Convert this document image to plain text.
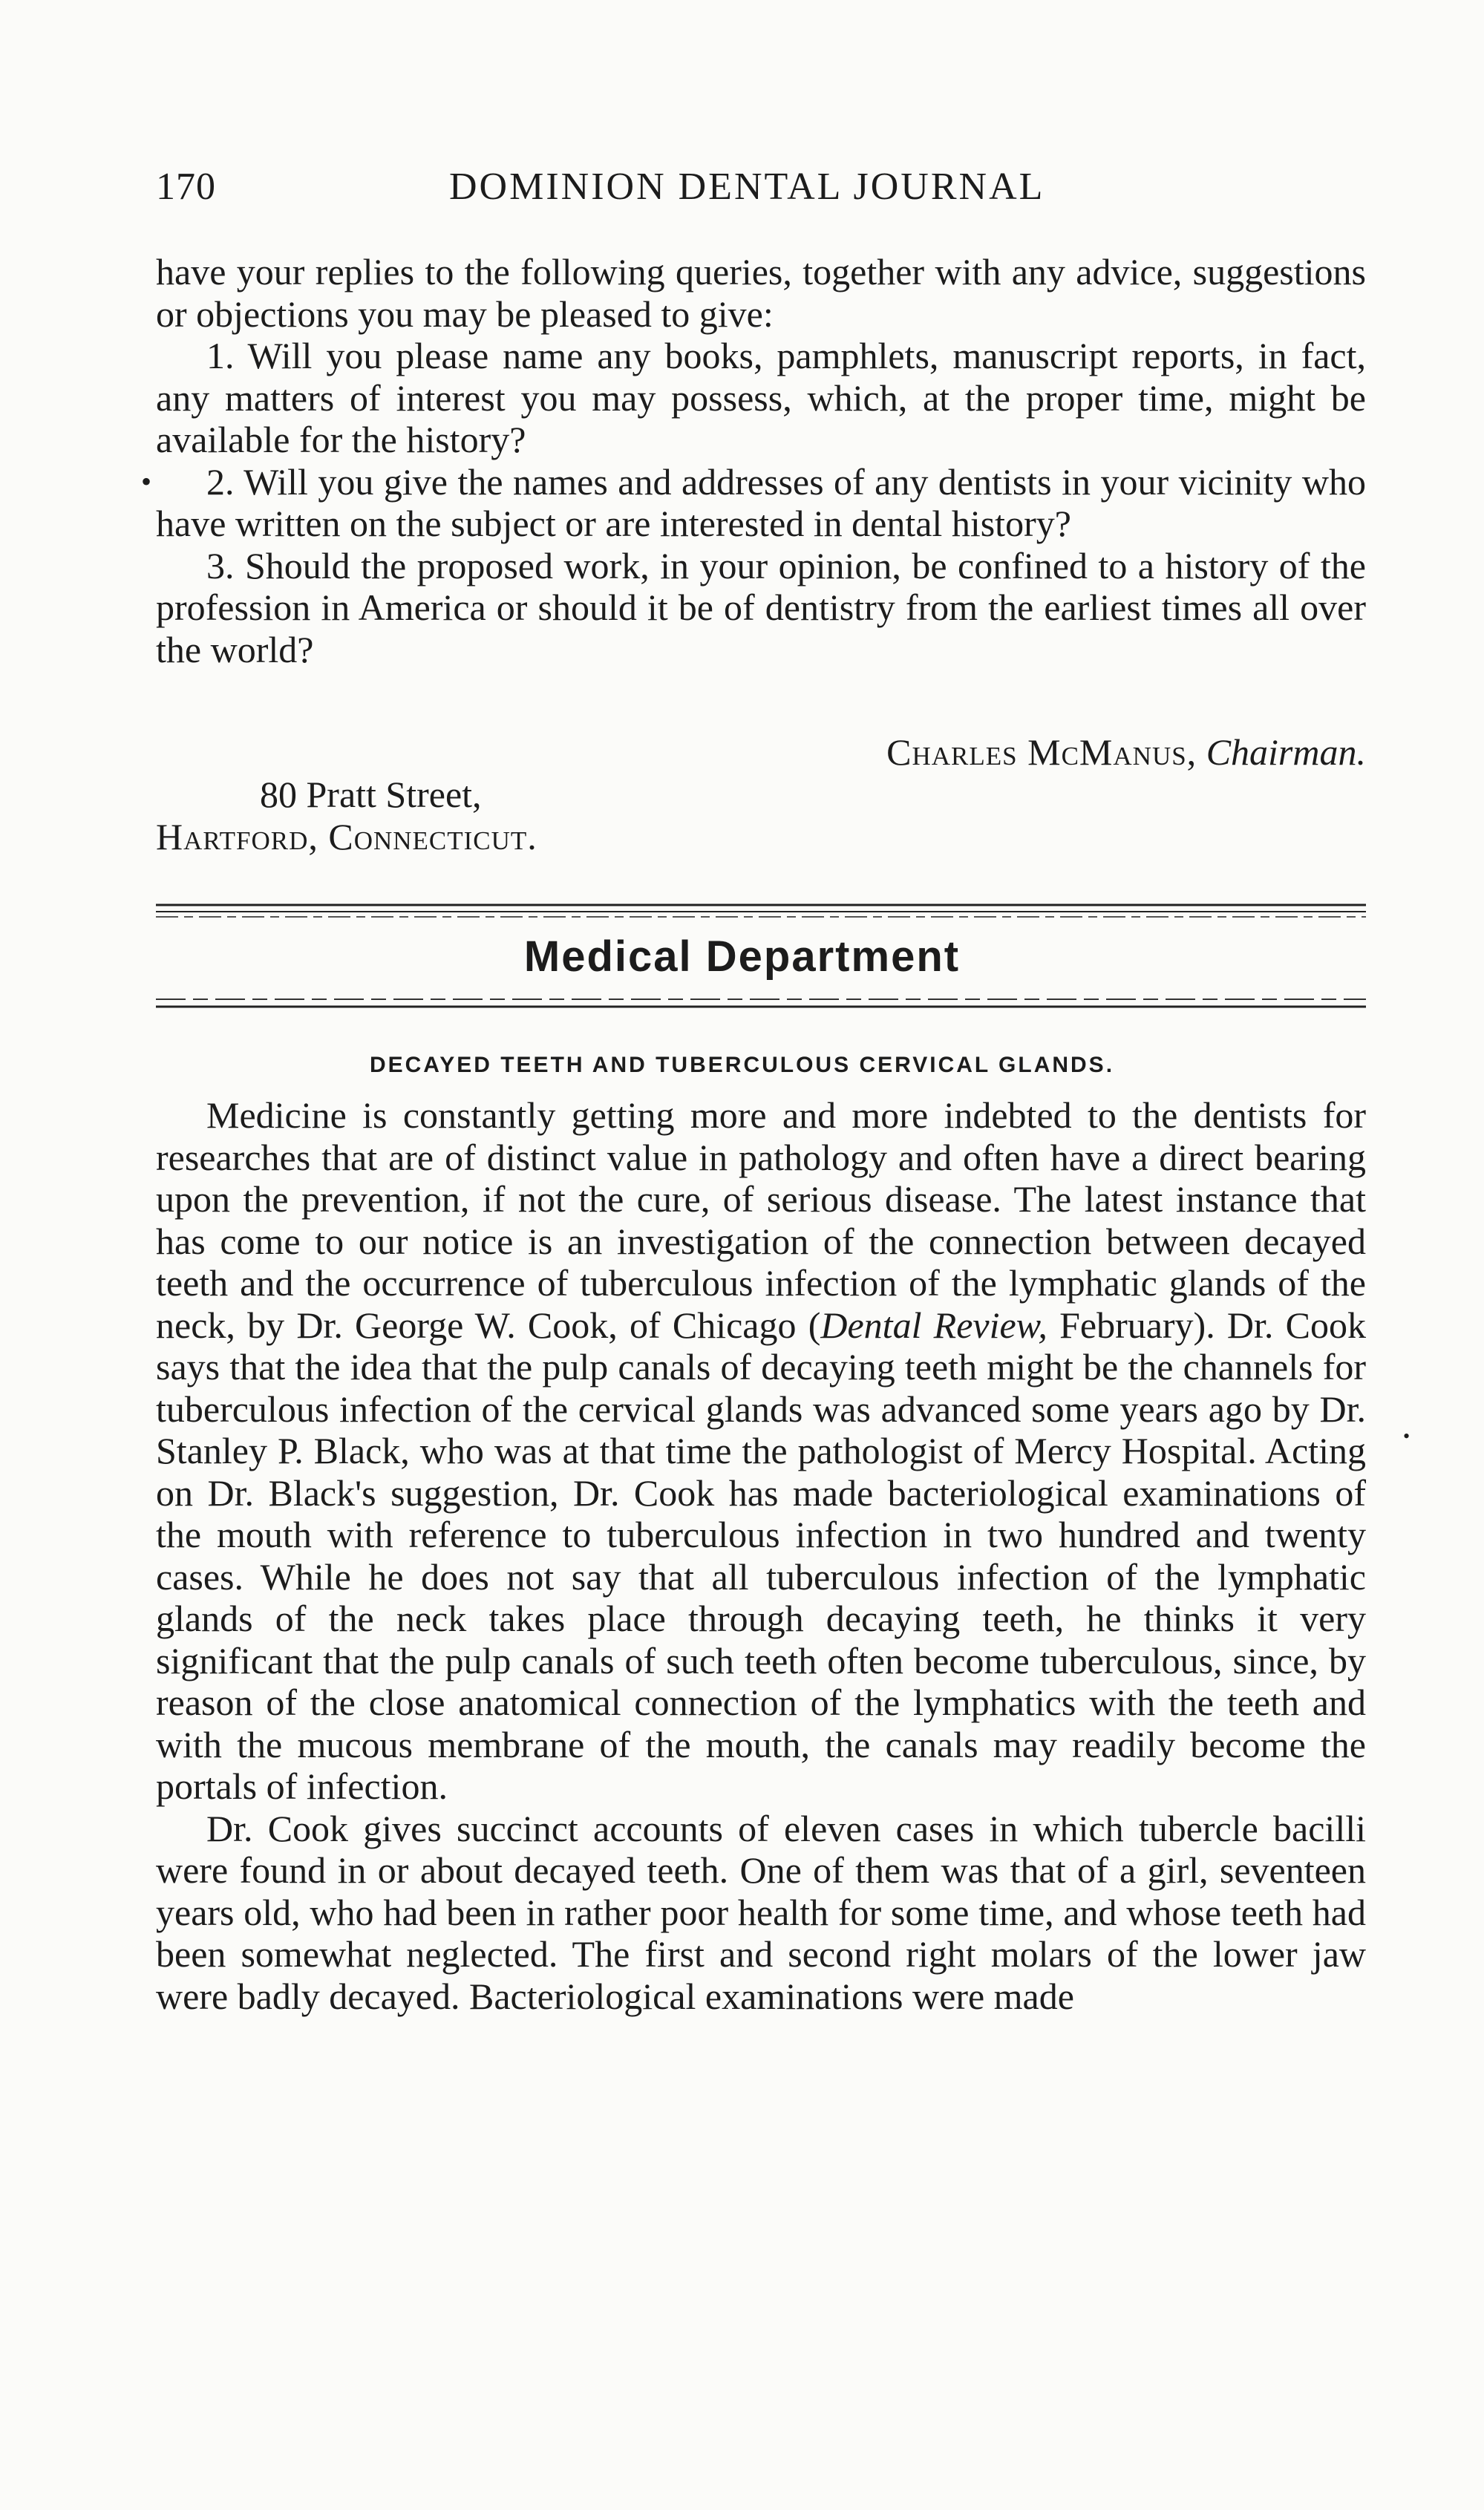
170	DOMINION DENTAL JOURNAL

have your replies to the following queries, together with any advice, suggestions or objections you may be pleased to give:

1. Will you please name any books, pamphlets, manuscript reports, in fact, any matters of interest you may possess, which, at the proper time, might be available for the history?

2. Will you give the names and addresses of any dentists in your vicinity who have written on the subject or are interested in dental history?

3. Should the proposed work, in your opinion, be confined to a history of the profession in America or should it be of dentistry from the earliest times all over the world?

Charles McManus, Chairman.
80 Pratt Street,
Hartford, Connecticut.
Medical Department
DECAYED TEETH AND TUBERCULOUS CERVICAL GLANDS.

Medicine is constantly getting more and more indebted to the dentists for researches that are of distinct value in pathology and often have a direct bearing upon the prevention, if not the cure, of serious disease. The latest instance that has come to our notice is an investigation of the connection between decayed teeth and the occurrence of tuberculous infection of the lymphatic glands of the neck, by Dr. George W. Cook, of Chicago (Dental Review, February). Dr. Cook says that the idea that the pulp canals of decaying teeth might be the channels for tuberculous infection of the cervical glands was advanced some years ago by Dr. Stanley P. Black, who was at that time the pathologist of Mercy Hospital. Acting on Dr. Black's suggestion, Dr. Cook has made bacteriological examinations of the mouth with reference to tuberculous infection in two hundred and twenty cases. While he does not say that all tuberculous infection of the lymphatic glands of the neck takes place through decaying teeth, he thinks it very significant that the pulp canals of such teeth often become tuberculous, since, by reason of the close anatomical connection of the lymphatics with the teeth and with the mucous membrane of the mouth, the canals may readily become the portals of infection.

Dr. Cook gives succinct accounts of eleven cases in which tubercle bacilli were found in or about decayed teeth. One of them was that of a girl, seventeen years old, who had been in rather poor health for some time, and whose teeth had been somewhat neglected. The first and second right molars of the lower jaw were badly decayed. Bacteriological examinations were made

•
•
